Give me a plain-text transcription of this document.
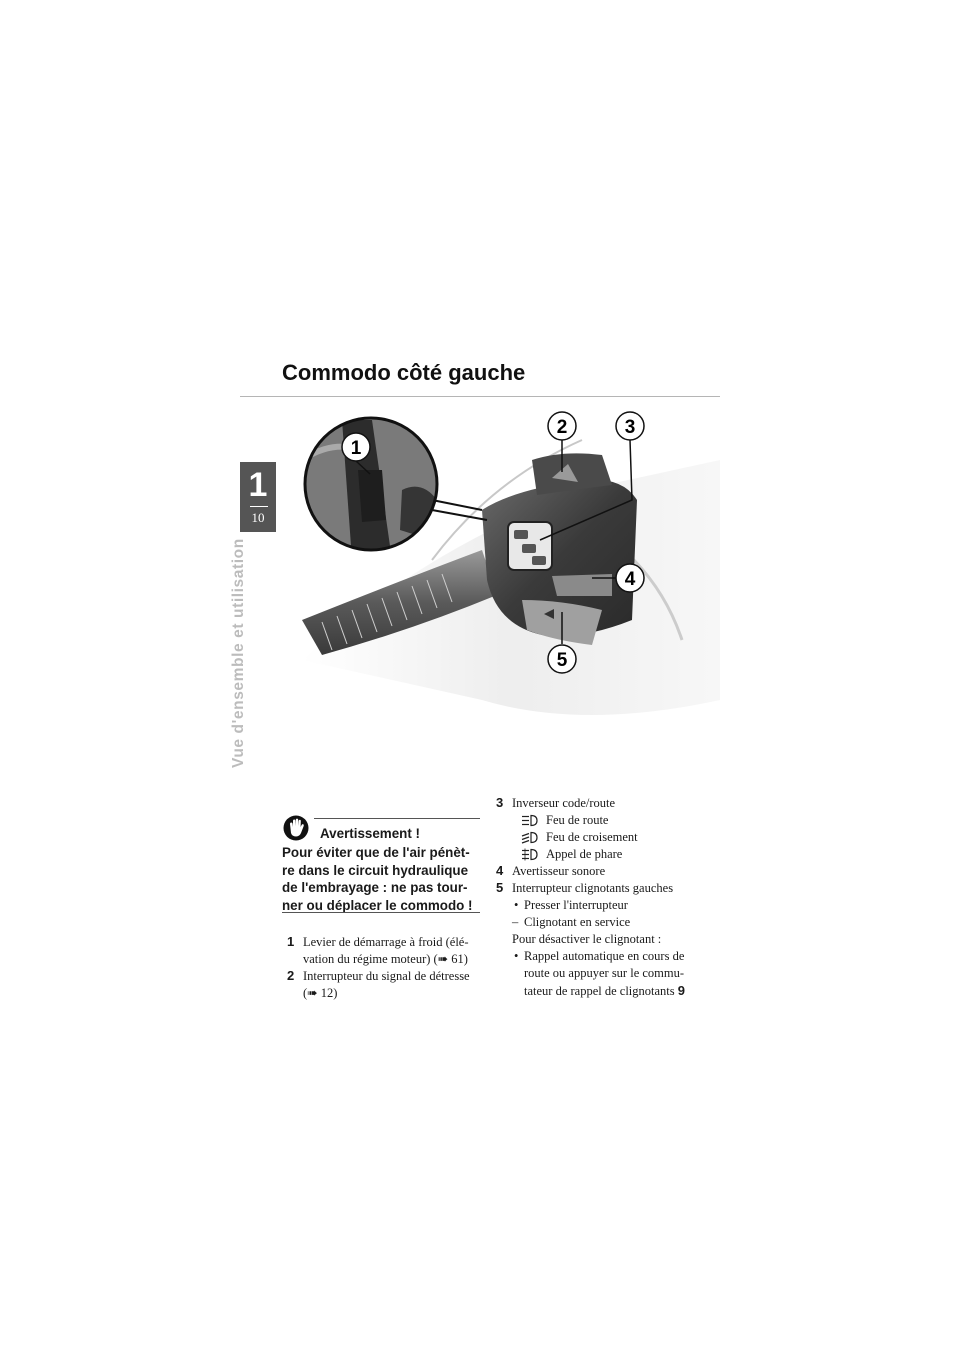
1
10
Vue d'ensemble et utilisation
Commodo côté gauche
1
2	3
4
5
Avertissement !
Pour éviter que de l'air pénèt-
re dans le circuit hydraulique
de l'embrayage : ne pas tour-
ner ou déplacer le commodo !
1 Levier de démarrage à froid (élé-
vation du régime moteur) (➠ 61)
2 Interrupteur du signal de détresse
(➠ 12)
3 Inverseur code/route
Feu de route
Feu de croisement
Appel de phare
4 Avertisseur sonore
5 Interrupteur clignotants gauches
• Presser l'interrupteur
– Clignotant en service
Pour désactiver le clignotant :
• Rappel automatique en cours de
route ou appuyer sur le commu-
tateur de rappel de clignotants 9
